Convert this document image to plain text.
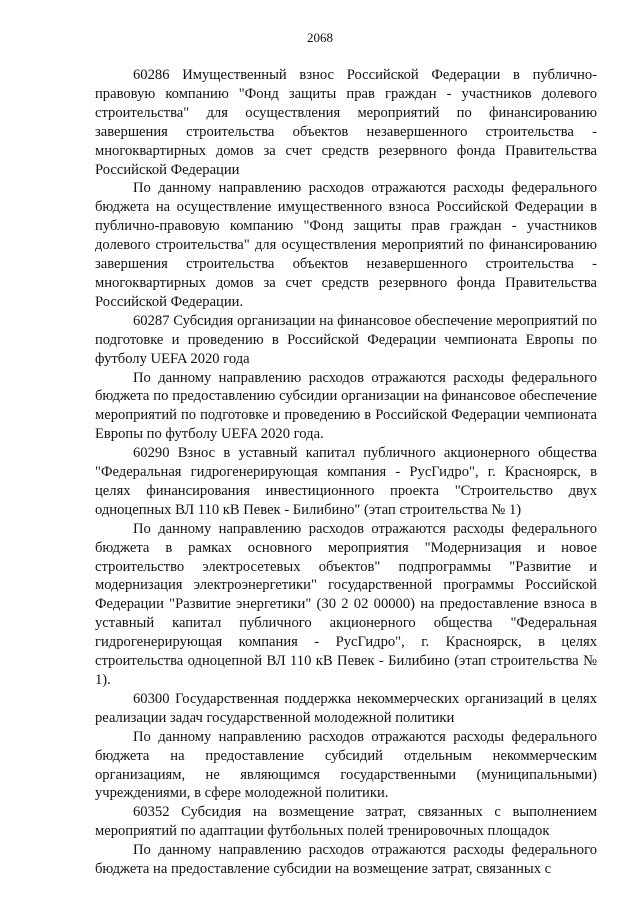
2068

60286 Имущественный взнос Российской Федерации в публично-правовую компанию "Фонд защиты прав граждан - участников долевого строительства" для осуществления мероприятий по финансированию завершения строительства объектов незавершенного строительства - многоквартирных домов за счет средств резервного фонда Правительства Российской Федерации

По данному направлению расходов отражаются расходы федерального бюджета на осуществление имущественного взноса Российской Федерации в публично-правовую компанию "Фонд защиты прав граждан - участников долевого строительства" для осуществления мероприятий по финансированию завершения строительства объектов незавершенного строительства - многоквартирных домов за счет средств резервного фонда Правительства Российской Федерации.

60287 Субсидия организации на финансовое обеспечение мероприятий по подготовке и проведению в Российской Федерации чемпионата Европы по футболу UEFA 2020 года

По данному направлению расходов отражаются расходы федерального бюджета по предоставлению субсидии организации на финансовое обеспечение мероприятий по подготовке и проведению в Российской Федерации чемпионата Европы по футболу UEFA 2020 года.

60290 Взнос в уставный капитал публичного акционерного общества "Федеральная гидрогенерирующая компания - РусГидро", г. Красноярск, в целях финансирования инвестиционного проекта "Строительство двух одноцепных ВЛ 110 кВ Певек - Билибино" (этап строительства № 1)

По данному направлению расходов отражаются расходы федерального бюджета в рамках основного мероприятия "Модернизация и новое строительство электросетевых объектов" подпрограммы "Развитие и модернизация электроэнергетики" государственной программы Российской Федерации "Развитие энергетики" (30 2 02 00000) на предоставление взноса в уставный капитал публичного акционерного общества "Федеральная гидрогенерирующая компания - РусГидро", г. Красноярск, в целях строительства одноцепной ВЛ 110 кВ Певек - Билибино (этап строительства № 1).

60300 Государственная поддержка некоммерческих организаций в целях реализации задач государственной молодежной политики

По данному направлению расходов отражаются расходы федерального бюджета на предоставление субсидий отдельным некоммерческим организациям, не являющимся государственными (муниципальными) учреждениями, в сфере молодежной политики.

60352 Субсидия на возмещение затрат, связанных с выполнением мероприятий по адаптации футбольных полей тренировочных площадок

По данному направлению расходов отражаются расходы федерального бюджета на предоставление субсидии на возмещение затрат, связанных с
